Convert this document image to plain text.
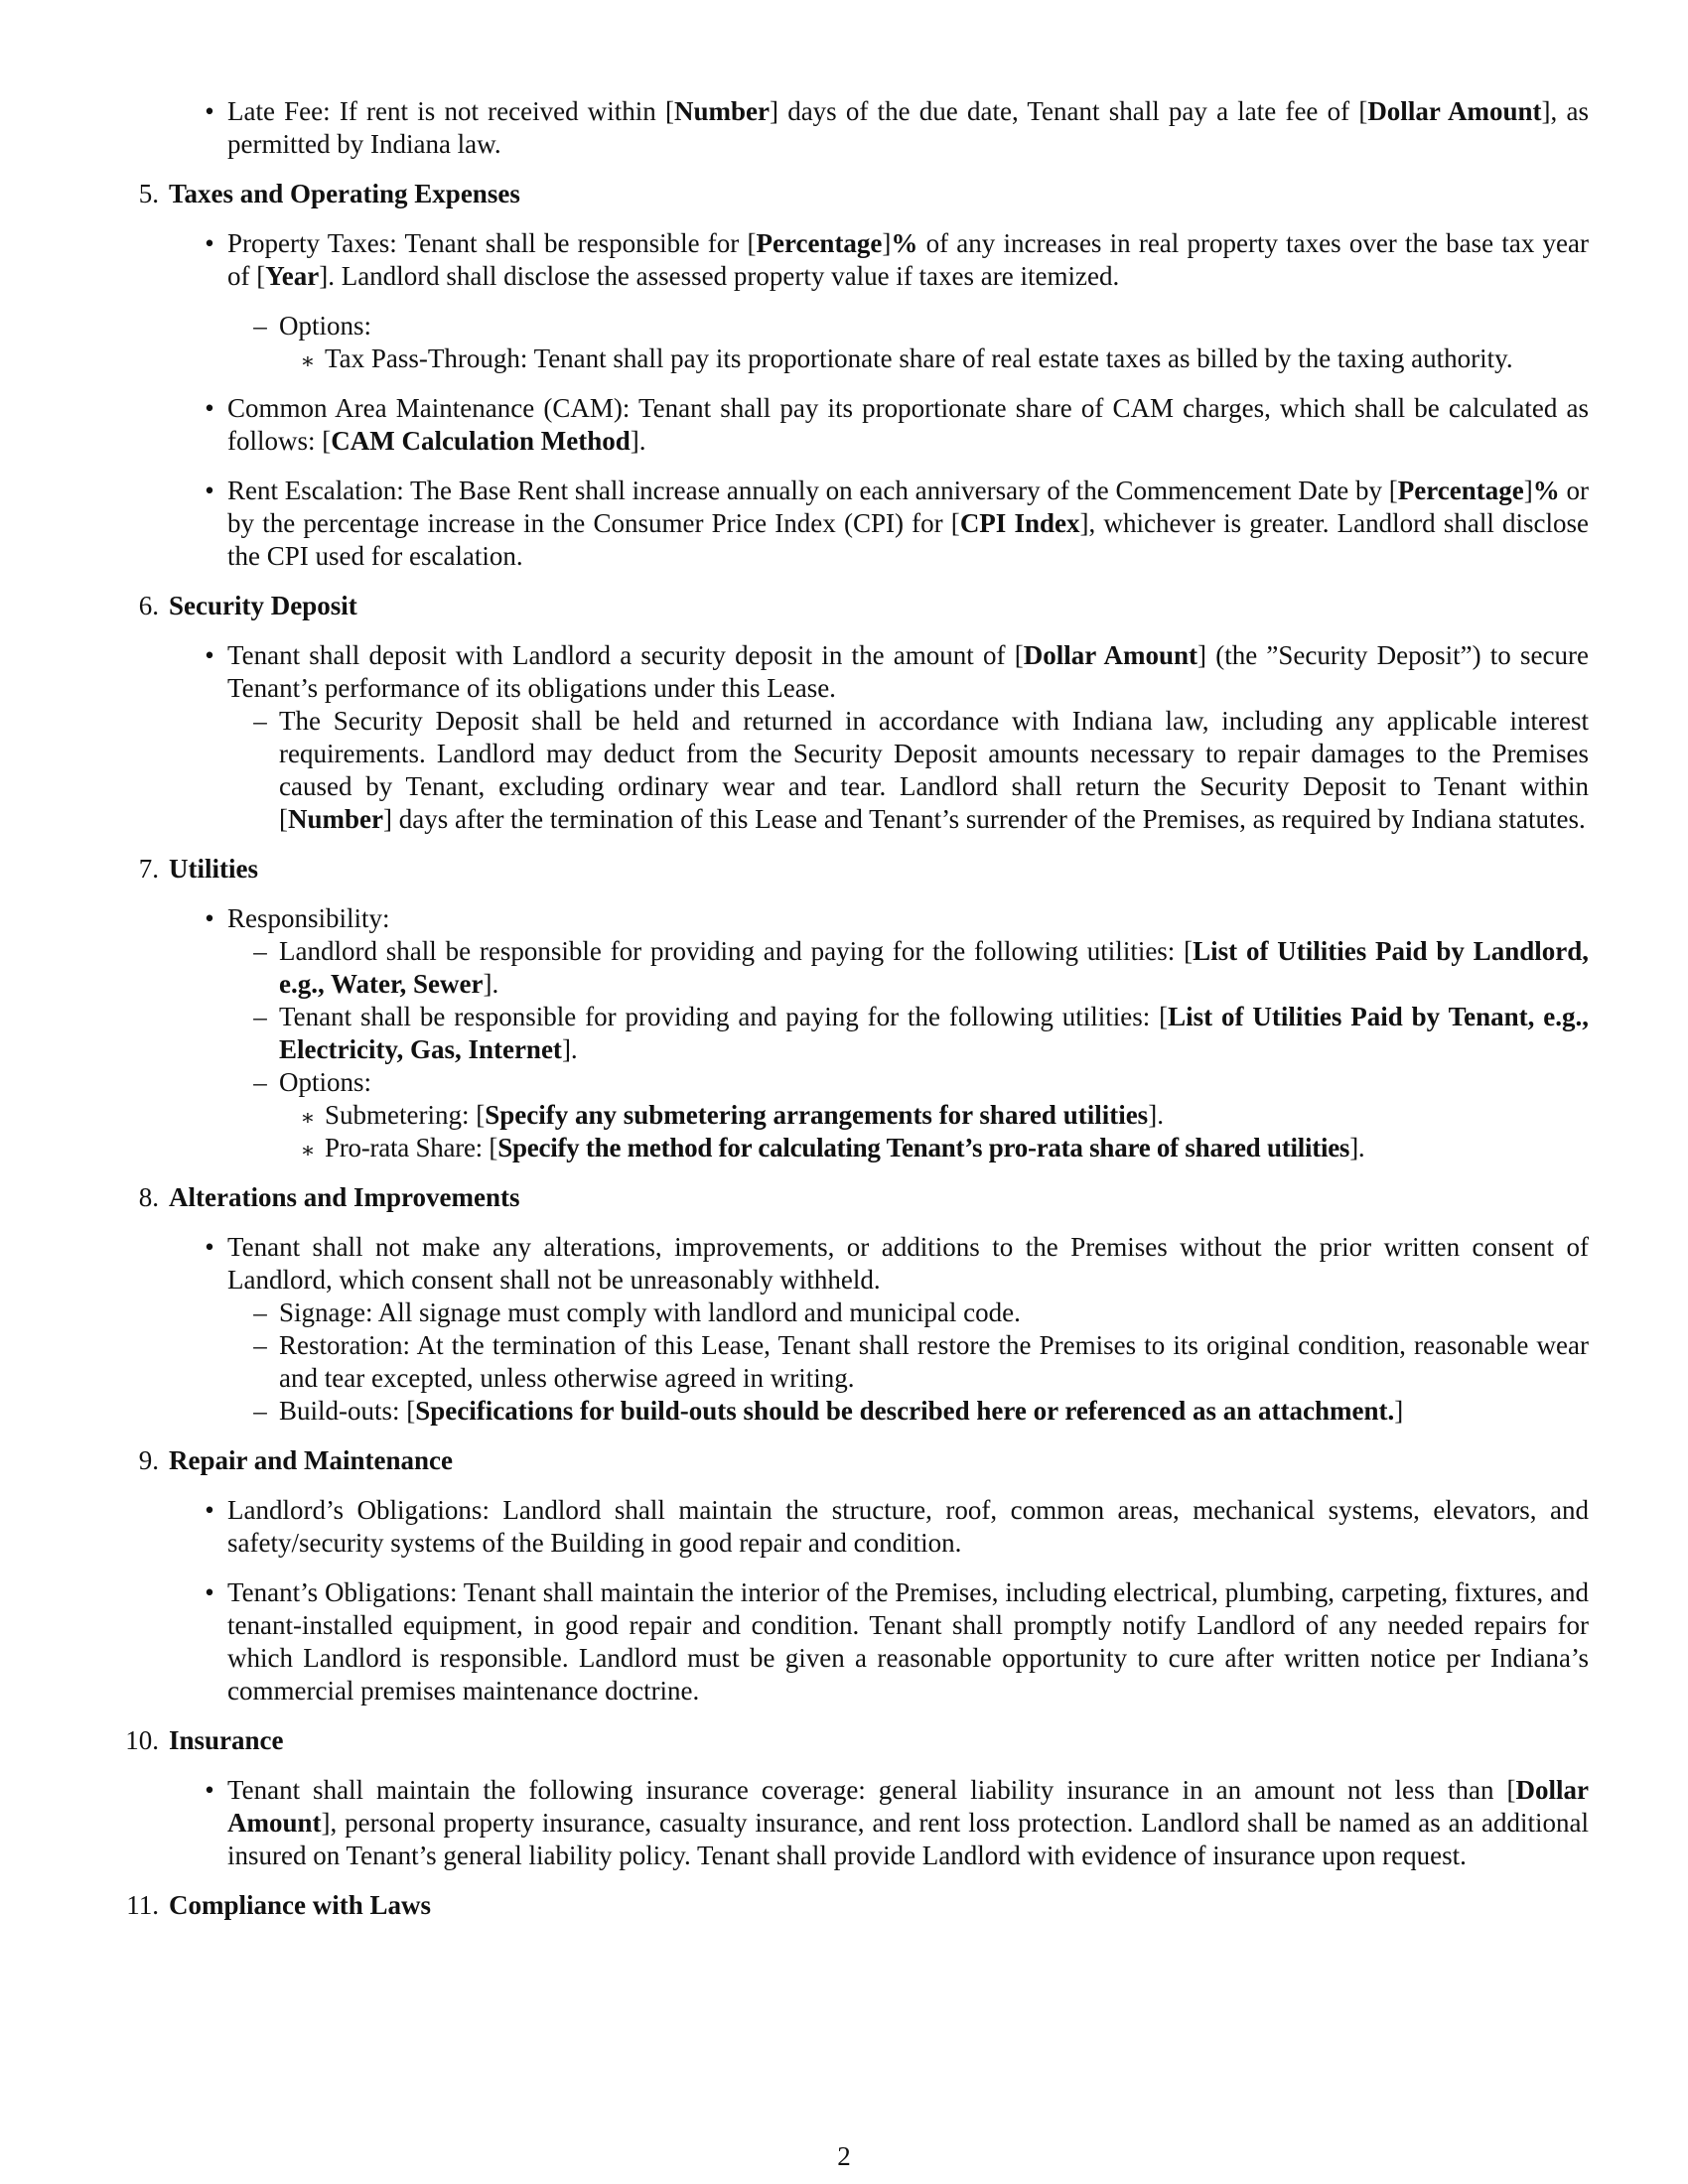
• Late Fee: If rent is not received within [Number] days of the due date, Tenant shall pay a late fee of [Dollar Amount], as permitted by Indiana law.
5. Taxes and Operating Expenses
• Property Taxes: Tenant shall be responsible for [Percentage]% of any increases in real property taxes over the base tax year of [Year]. Landlord shall disclose the assessed property value if taxes are itemized.
– Options:
∗ Tax Pass-Through: Tenant shall pay its proportionate share of real estate taxes as billed by the taxing authority.
• Common Area Maintenance (CAM): Tenant shall pay its proportionate share of CAM charges, which shall be calculated as follows: [CAM Calculation Method].
• Rent Escalation: The Base Rent shall increase annually on each anniversary of the Commencement Date by [Percentage]% or by the percentage increase in the Consumer Price Index (CPI) for [CPI Index], whichever is greater. Landlord shall disclose the CPI used for escalation.
6. Security Deposit
• Tenant shall deposit with Landlord a security deposit in the amount of [Dollar Amount] (the ”Security Deposit”) to secure Tenant’s performance of its obligations under this Lease.
– The Security Deposit shall be held and returned in accordance with Indiana law, including any applicable interest requirements. Landlord may deduct from the Security Deposit amounts necessary to repair damages to the Premises caused by Tenant, excluding ordinary wear and tear. Landlord shall return the Security Deposit to Tenant within [Number] days after the termination of this Lease and Tenant’s surrender of the Premises, as required by Indiana statutes.
7. Utilities
• Responsibility:
– Landlord shall be responsible for providing and paying for the following utilities: [List of Utilities Paid by Landlord, e.g., Water, Sewer].
– Tenant shall be responsible for providing and paying for the following utilities: [List of Utilities Paid by Tenant, e.g., Electricity, Gas, Internet].
– Options:
∗ Submetering: [Specify any submetering arrangements for shared utilities].
∗ Pro-rata Share: [Specify the method for calculating Tenant’s pro-rata share of shared utilities].
8. Alterations and Improvements
• Tenant shall not make any alterations, improvements, or additions to the Premises without the prior written consent of Landlord, which consent shall not be unreasonably withheld.
– Signage: All signage must comply with landlord and municipal code.
– Restoration: At the termination of this Lease, Tenant shall restore the Premises to its original condition, reasonable wear and tear excepted, unless otherwise agreed in writing.
– Build-outs: [Specifications for build-outs should be described here or referenced as an attachment.]
9. Repair and Maintenance
• Landlord’s Obligations: Landlord shall maintain the structure, roof, common areas, mechanical systems, elevators, and safety/security systems of the Building in good repair and condition.
• Tenant’s Obligations: Tenant shall maintain the interior of the Premises, including electrical, plumbing, carpeting, fixtures, and tenant-installed equipment, in good repair and condition. Tenant shall promptly notify Landlord of any needed repairs for which Landlord is responsible. Landlord must be given a reasonable opportunity to cure after written notice per Indiana’s commercial premises maintenance doctrine.
10. Insurance
• Tenant shall maintain the following insurance coverage: general liability insurance in an amount not less than [Dollar Amount], personal property insurance, casualty insurance, and rent loss protection. Landlord shall be named as an additional insured on Tenant’s general liability policy. Tenant shall provide Landlord with evidence of insurance upon request.
11. Compliance with Laws
2
